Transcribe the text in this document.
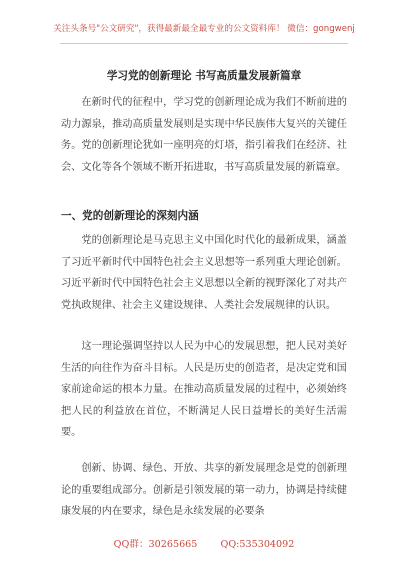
关注头条号"公文研究"，获得最新最全最专业的公文资料库！ 微信：gongwenj
学习党的创新理论 书写高质量发展新篇章

在新时代的征程中，学习党的创新理论成为我们不断前进的动力源泉，推动高质量发展则是实现中华民族伟大复兴的关键任务。党的创新理论犹如一座明亮的灯塔，指引着我们在经济、社会、文化等各个领域不断开拓进取，书写高质量发展的新篇章。

一、党的创新理论的深刻内涵

党的创新理论是马克思主义中国化时代化的最新成果，涵盖了习近平新时代中国特色社会主义思想等一系列重大理论创新。习近平新时代中国特色社会主义思想以全新的视野深化了对共产党执政规律、社会主义建设规律、人类社会发展规律的认识。

这一理论强调坚持以人民为中心的发展思想，把人民对美好生活的向往作为奋斗目标。人民是历史的创造者，是决定党和国家前途命运的根本力量。在推动高质量发展的过程中，必须始终把人民的利益放在首位，不断满足人民日益增长的美好生活需要。

创新、协调、绿色、开放、共享的新发展理念是党的创新理论的重要组成部分。创新是引领发展的第一动力，协调是持续健康发展的内在要求，绿色是永续发展的必要条

QQ群：30265665 QQ:535304092
